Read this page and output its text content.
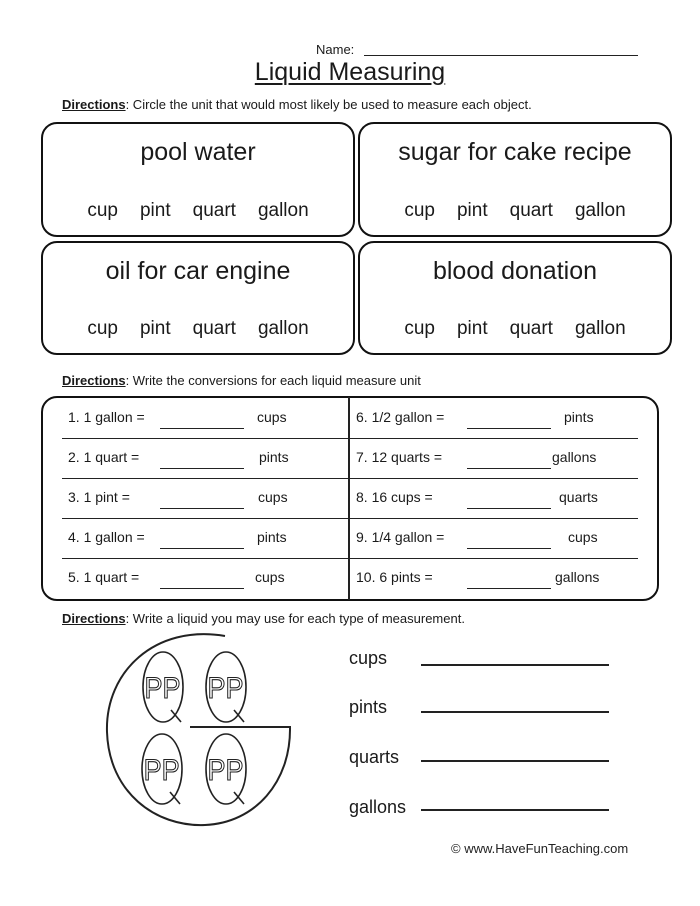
Name:
Liquid Measuring
Directions: Circle the unit that would most likely be used to measure each object.
pool water
cup pint quart gallon
sugar for cake recipe
cup pint quart gallon
oil for car engine
cup pint quart gallon
blood donation
cup pint quart gallon
Directions: Write the conversions for each liquid measure unit
1. 1 gallon =	cups
2. 1 quart =	pints
3. 1 pint =	cups
4. 1 gallon =	pints
5. 1 quart =	cups
6. 1/2 gallon =	pints
7. 12 quarts =	gallons
8. 16 cups =	quarts
9. 1/4 gallon =	cups
10. 6 pints =	gallons
Directions: Write a liquid you may use for each type of measurement.
PP PP
PP PP
cups
pints
quarts
gallons
© www.HaveFunTeaching.com
